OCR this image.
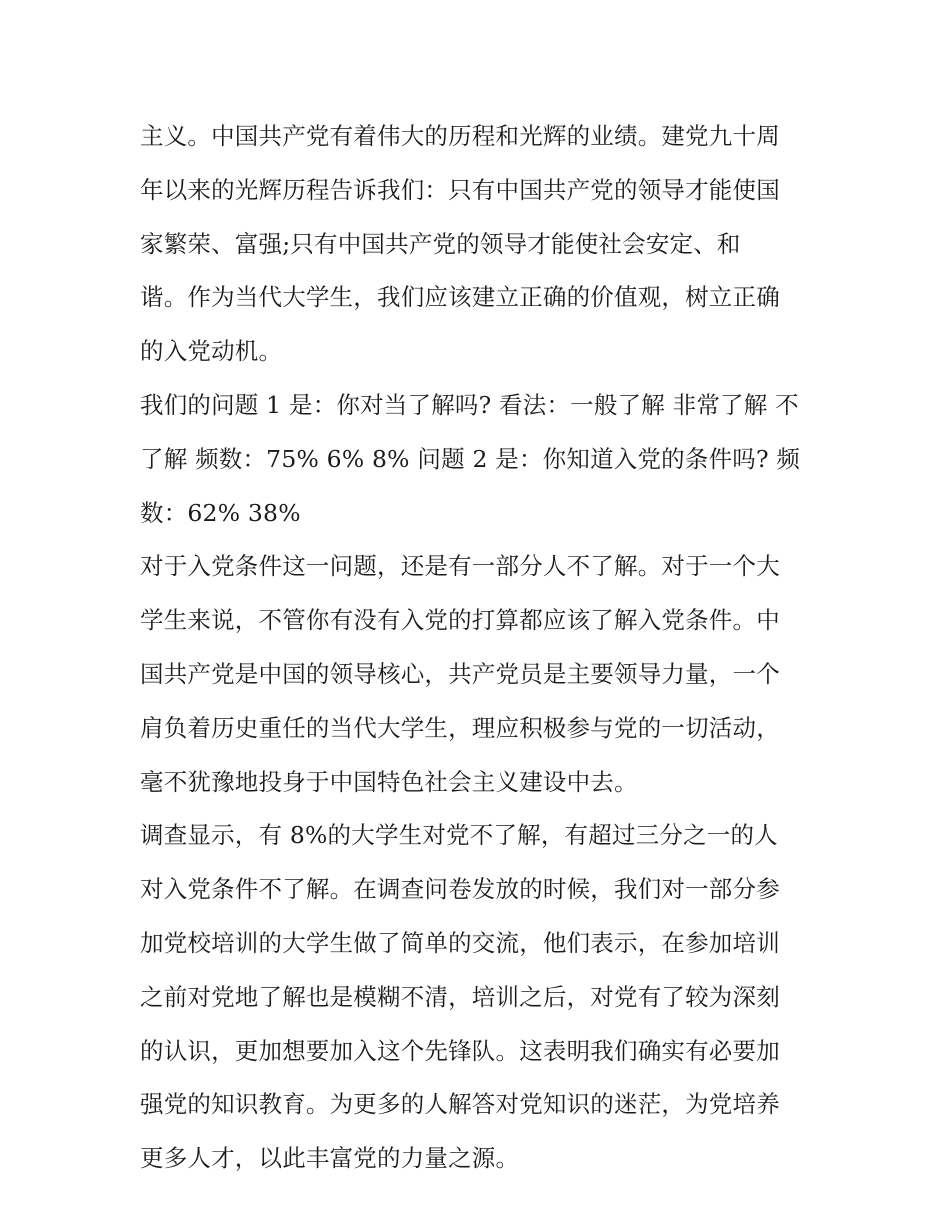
主义。中国共产党有着伟大的历程和光辉的业绩。建党九十周
年以来的光辉历程告诉我们：只有中国共产党的领导才能使国
家繁荣、富强;只有中国共产党的领导才能使社会安定、和
谐。作为当代大学生，我们应该建立正确的价值观，树立正确
的入党动机。
我们的问题 1 是：你对当了解吗? 看法：一般了解 非常了解 不
了解 频数：75% 6% 8% 问题 2 是：你知道入党的条件吗? 频
数：62% 38%
对于入党条件这一问题，还是有一部分人不了解。对于一个大
学生来说，不管你有没有入党的打算都应该了解入党条件。中
国共产党是中国的领导核心，共产党员是主要领导力量，一个
肩负着历史重任的当代大学生，理应积极参与党的一切活动，
毫不犹豫地投身于中国特色社会主义建设中去。
调查显示，有 8%的大学生对党不了解，有超过三分之一的人
对入党条件不了解。在调查问卷发放的时候，我们对一部分参
加党校培训的大学生做了简单的交流，他们表示，在参加培训
之前对党地了解也是模糊不清，培训之后，对党有了较为深刻
的认识，更加想要加入这个先锋队。这表明我们确实有必要加
强党的知识教育。为更多的人解答对党知识的迷茫，为党培养
更多人才，以此丰富党的力量之源。
